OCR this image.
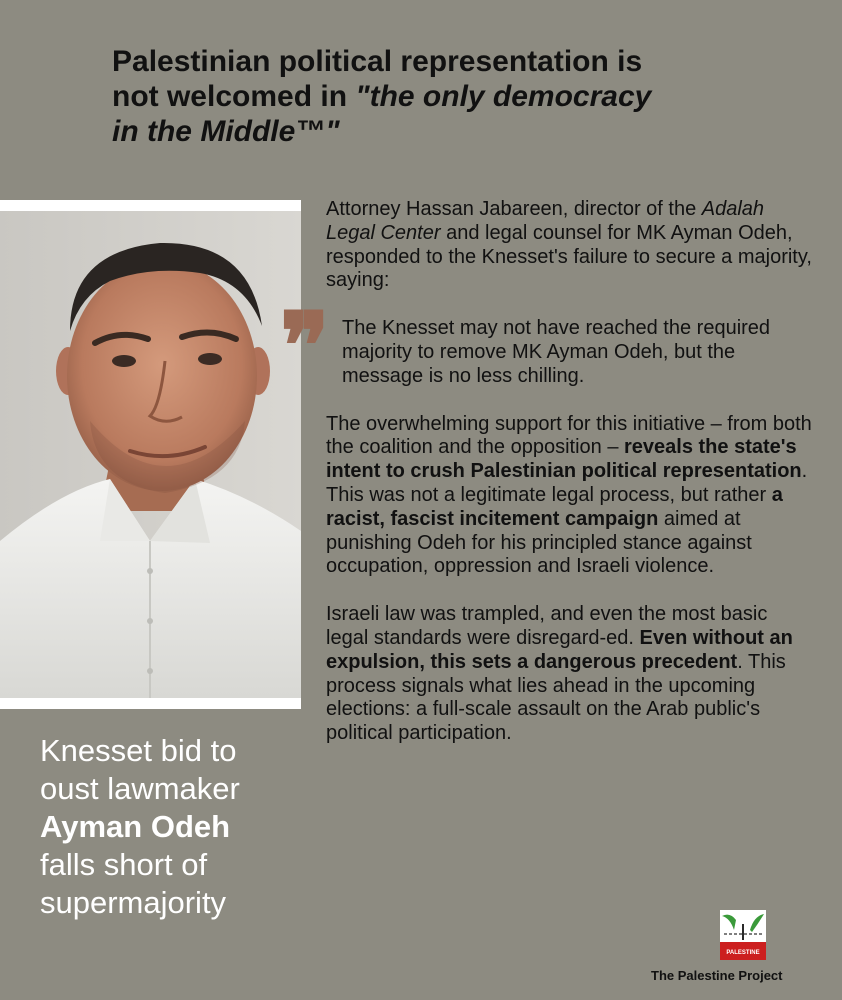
Palestinian political representation is
not welcomed in "the only democracy
in the Middle™"
Knesset bid to
oust lawmaker
Ayman Odeh
falls short of
supermajority
❞

Attorney Hassan Jabareen, director of the Adalah Legal Center and legal counsel for MK Ayman Odeh, responded to the Knesset's failure to secure a majority, saying:

The Knesset may not have reached the required majority to remove MK Ayman Odeh, but the message is no less chilling.

The overwhelming support for this initiative – from both the coalition and the opposition – reveals the state's intent to crush Palestinian political representation. This was not a legitimate legal process, but rather a racist, fascist incitement campaign aimed at punishing Odeh for his principled stance against occupation, oppression and Israeli violence.

Israeli law was trampled, and even the most basic legal standards were disregard-ed. Even without an expulsion, this sets a dangerous precedent. This process signals what lies ahead in the upcoming elections: a full-scale assault on the Arab public's political participation.

PALESTINE
The Palestine Project
